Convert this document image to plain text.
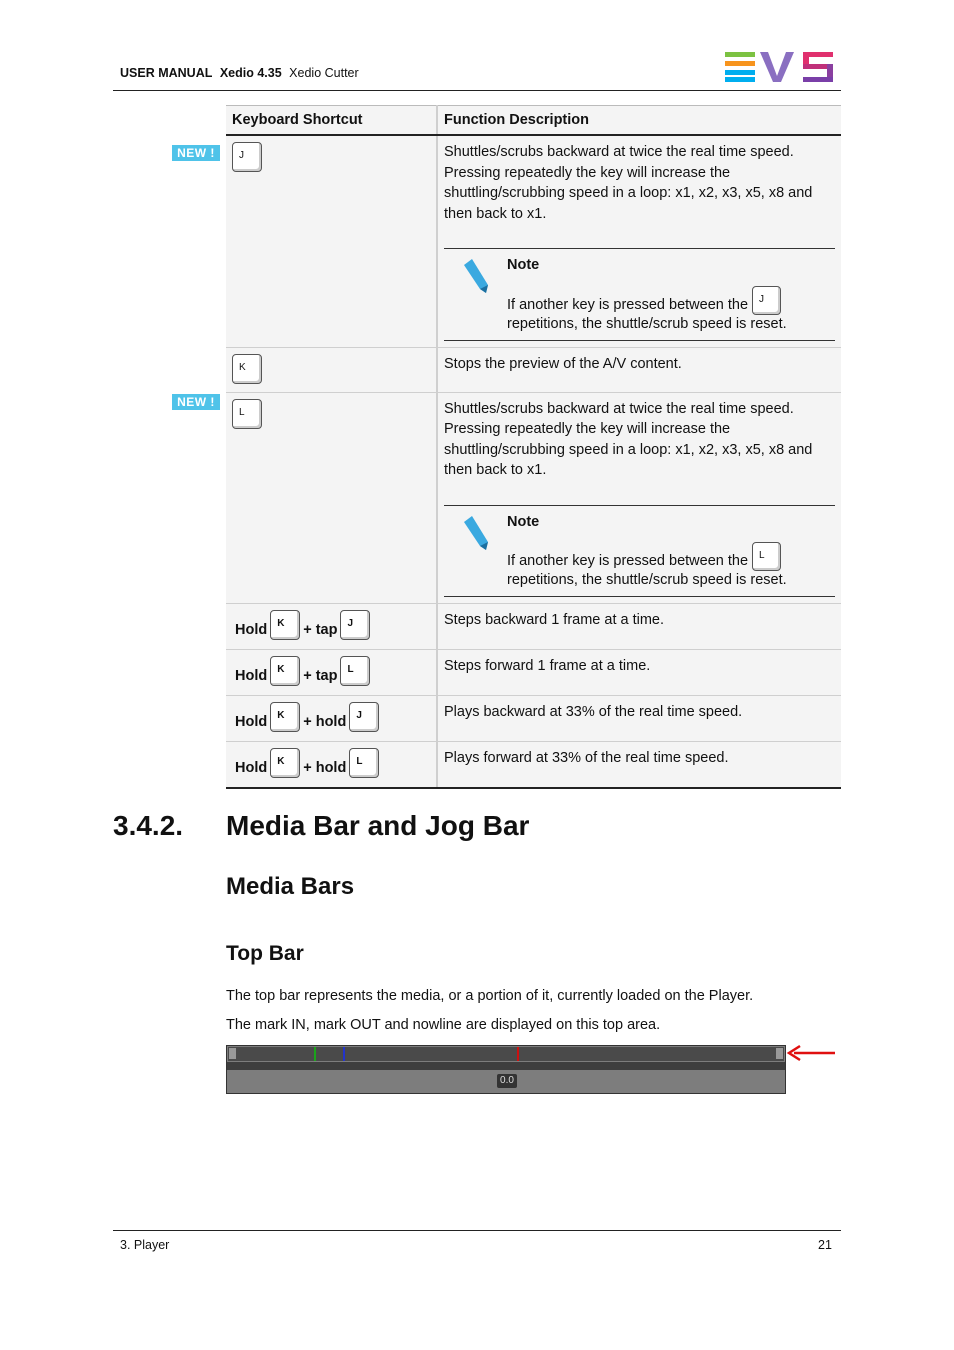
USER MANUAL Xedio 4.35 Xedio Cutter
NEW !
NEW !
Keyboard Shortcut	Function Description

J	Shuttles/scrubs backward at twice the real time speed. Pressing repeatedly the key will increase the shuttling/scrubbing speed in a loop: x1, x2, x3, x5, x8 and then back to x1.
Note
If another key is pressed between the J

repetitions, the shuttle/scrub speed is reset.

K	Stops the preview of the A/V content.

L	Shuttles/scrubs backward at twice the real time speed. Pressing repeatedly the key will increase the shuttling/scrubbing speed in a loop: x1, x2, x3, x5, x8 and then back to x1.
Note
If another key is pressed between the L

repetitions, the shuttle/scrub speed is reset.

Hold K + tap J	Steps backward 1 frame at a time.
Hold K + tap L	Steps forward 1 frame at a time.
Hold K + hold J	Plays backward at 33% of the real time speed.
Hold K + hold L	Plays forward at 33% of the real time speed.
3.4.2. Media Bar and Jog Bar
Media Bars
Top Bar
The top bar represents the media, or a portion of it, currently loaded on the Player.
The mark IN, mark OUT and nowline are displayed on this top area.
0.0
3. Player	21
